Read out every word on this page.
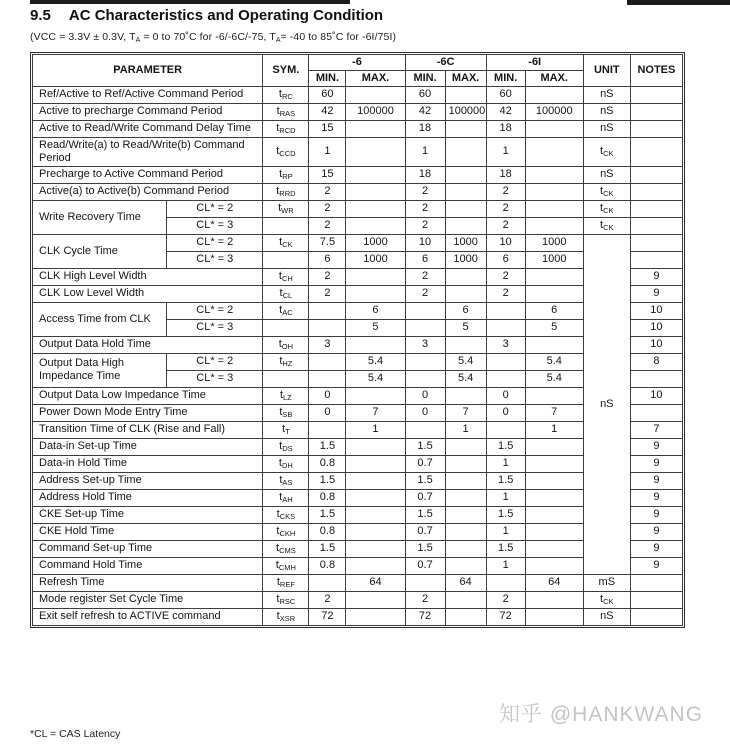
9.5 AC Characteristics and Operating Condition
(VCC = 3.3V ± 0.3V, $T_A = 0$ to 70˚C for -6/-6C/-75, $T_A= -40$ to 85˚C for -6I/75I)
PARAMETER		SYM.	-6		-6C		-6I		UNIT	NOTES
			MIN.	MAX.	MIN.	MAX.	MIN.	MAX.		
Ref/Active to Ref/Active Command Period		$t_{RC}$	60		60		60		nS	
Active to precharge Command Period		$t_{RAS}$	42	100000	42	100000	42	100000	nS	
Active to Read/Write Command Delay Time		$t_{RCD}$	15		18		18		nS	
Read/Write(a) to Read/Write(b) Command Period		$t_{CCD}$	1		1		1		$t_{CK}$	
Precharge to Active Command Period		$t_{RP}$	15		18		18		nS	
Active(a) to Active(b) Command Period		$t_{RRD}$	2		2		2		$t_{CK}$	
Write Recovery Time	CL* = 2	$t_{WR}$	2		2		2		$t_{CK}$	
	CL* = 3		2		2		2		$t_{CK}$	
CLK Cycle Time	CL* = 2	$t_{CK}$	7.5	1000	10	1000	10	1000	nS	
	CL* = 3		6	1000	6	1000	6	1000		
CLK High Level Width		$t_{CH}$	2		2		2			9
CLK Low Level Width		$t_{CL}$	2		2		2			9
Access Time from CLK	CL* = 2	$t_{AC}$		6		6		6		10
	CL* = 3			5		5		5		10
Output Data Hold Time		$t_{OH}$	3		3		3			10
Output Data High Impedance Time	CL* = 2	$t_{HZ}$		5.4		5.4		5.4		8
	CL* = 3			5.4		5.4		5.4		
Output Data Low Impedance Time		$t_{LZ}$	0		0		0			10
Power Down Mode Entry Time		$t_{SB}$	0	7	0	7	0	7		
Transition Time of CLK (Rise and Fall)		$t_T$		1		1		1		7
Data-in Set-up Time		$t_{DS}$	1.5		1.5		1.5			9
Data-in Hold Time		$t_{DH}$	0.8		0.7		1			9
Address Set-up Time		$t_{AS}$	1.5		1.5		1.5			9
Address Hold Time		$t_{AH}$	0.8		0.7		1			9
CKE Set-up Time		$t_{CKS}$	1.5		1.5		1.5			9
CKE Hold Time		$t_{CKH}$	0.8		0.7		1			9
Command Set-up Time		$t_{CMS}$	1.5		1.5		1.5			9
Command Hold Time		$t_{CMH}$	0.8		0.7		1			9
Refresh Time		$t_{REF}$		64		64		64	mS	
Mode register Set Cycle Time		$t_{RSC}$	2		2		2		$t_{CK}$	
Exit self refresh to ACTIVE command		$t_{XSR}$	72		72		72		nS	
*CL = CAS Latency
知乎 @HANKWANG
